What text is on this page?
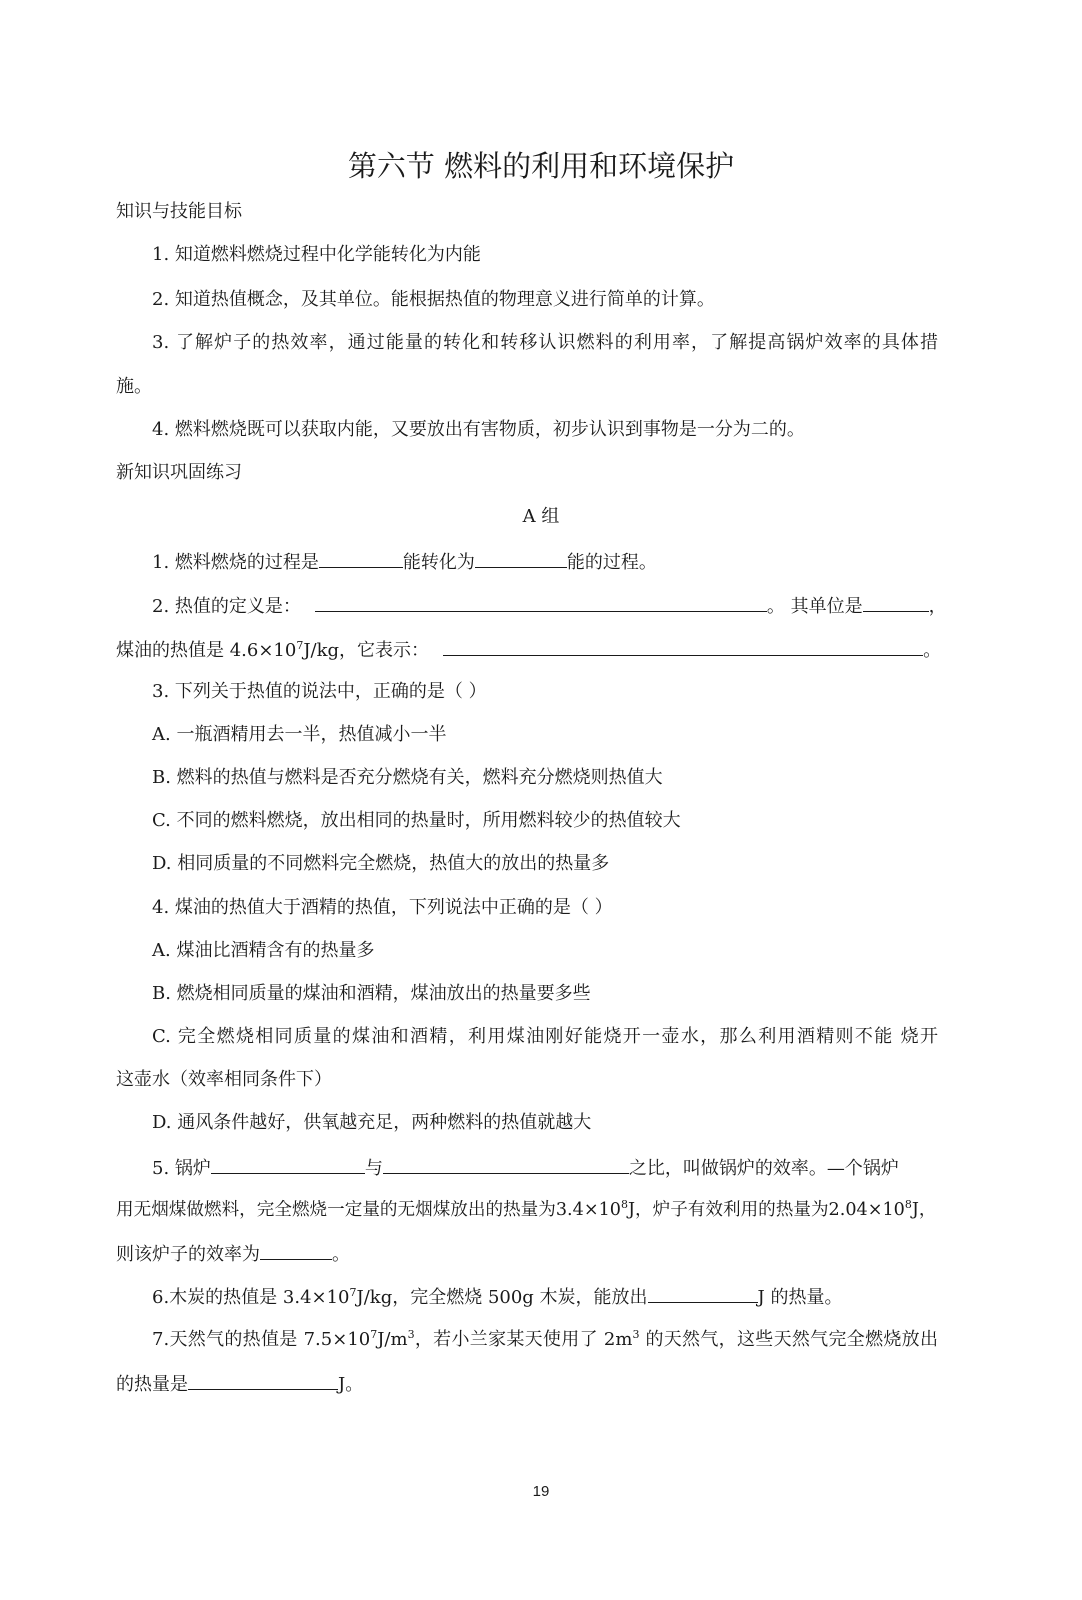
第六节 燃料的利用和环境保护
知识与技能目标
1. 知道燃料燃烧过程中化学能转化为内能
2. 知道热值概念，及其单位。能根据热值的物理意义进行简单的计算。
3. 了解炉子的热效率，通过能量的转化和转移认识燃料的利用率，了解提高锅炉效率的具体措
施。
4. 燃料燃烧既可以获取内能，又要放出有害物质，初步认识到事物是一分为二的。
新知识巩固练习
A 组
1. 燃料燃烧的过程是	能转化为	能的过程。
2. 热值的定义是：	。 其单位是	，
煤油的热值是 $4.6\times 10^7J/kg$，它表示：	。
3. 下列关于热值的说法中，正确的是（ ）
A. 一瓶酒精用去一半，热值减小一半
B. 燃料的热值与燃料是否充分燃烧有关，燃料充分燃烧则热值大
C. 不同的燃料燃烧，放出相同的热量时，所用燃料较少的热值较大
D. 相同质量的不同燃料完全燃烧，热值大的放出的热量多
4. 煤油的热值大于酒精的热值，下列说法中正确的是（ ）
A. 煤油比酒精含有的热量多
B. 燃烧相同质量的煤油和酒精，煤油放出的热量要多些
C. 完全燃烧相同质量的煤油和酒精，利用煤油刚好能烧开一壶水，那么利用酒精则不能 烧开
这壶水（效率相同条件下）
D. 通风条件越好，供氧越充足，两种燃料的热值就越大
5. 锅炉	与	之比，叫做锅炉的效率。—个锅炉
用无烟煤做燃料，完全燃烧一定量的无烟煤放出的热量为$3.4\times 10^8J$，炉子有效利用的热量为$2.04\times 10^8J$，
则该炉子的效率为	。
6.木炭的热值是 $3.4\times 10^7J/kg$，完全燃烧 500g 木炭，能放出	J 的热量。
7.天然气的热值是 $7.5\times 10^7J/m^3$，若小兰家某天使用了 $2m^3$ 的天然气，这些天然气完全燃烧放出
的热量是	J。
19
